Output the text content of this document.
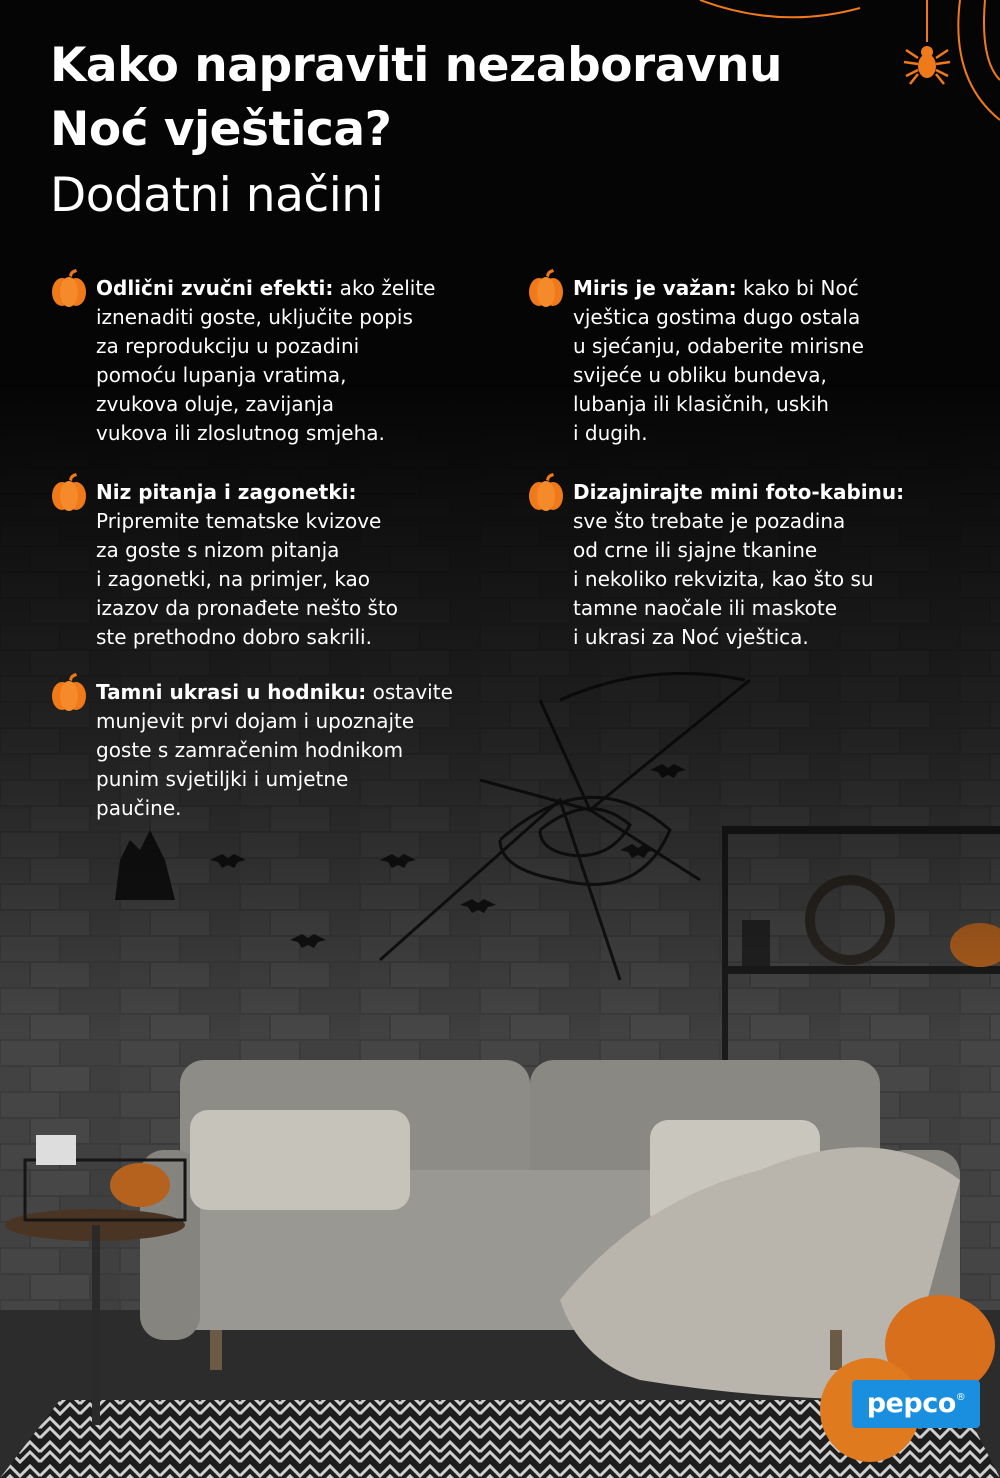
Kako napraviti nezaboravnu
Noć vještica?
Dodatni načini
Odlični zvučni efekti: ako želite
iznenaditi goste, uključite popis
za reprodukciju u pozadini
pomoću lupanja vratima,
zvukova oluje, zavijanja
vukova ili zloslutnog smjeha.
Niz pitanja i zagonetki:
Pripremite tematske kvizove
za goste s nizom pitanja
i zagonetki, na primjer, kao
izazov da pronađete nešto što
ste prethodno dobro sakrili.
Tamni ukrasi u hodniku: ostavite
munjevit prvi dojam i upoznajte
goste s zamračenim hodnikom
punim svjetiljki i umjetne
paučine.
Miris je važan: kako bi Noć
vještica gostima dugo ostala
u sjećanju, odaberite mirisne
svijeće u obliku bundeva,
lubanja ili klasičnih, uskih
i dugih.
Dizajnirajte mini foto-kabinu:
sve što trebate je pozadina
od crne ili sjajne tkanine
i nekoliko rekvizita, kao što su
tamne naočale ili maskote
i ukrasi za Noć vještica.
pepco®
